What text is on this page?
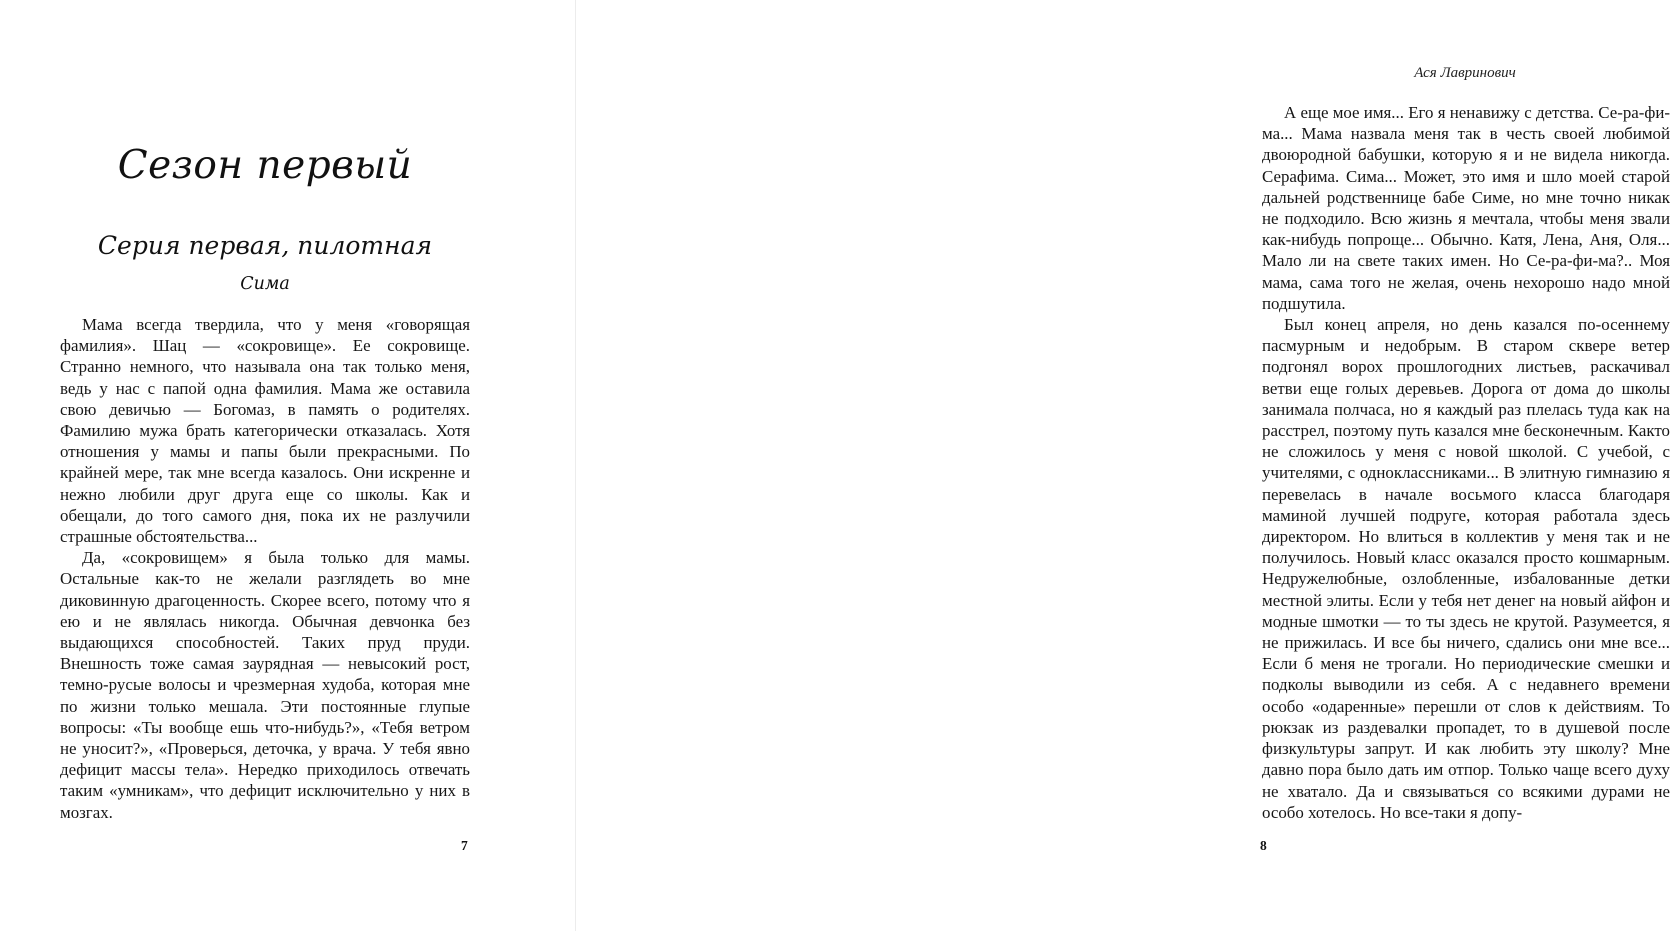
Сезон первый
Серия первая, пилотная
Сима

Мама всегда твердила, что у меня «говорящая фамилия». Шац — «сокровище». Ее сокровище. Странно немного, что называла она так только меня, ведь у нас с папой одна фамилия. Мама же оставила свою девичью — Богомаз, в память о родителях. Фамилию мужа брать категорически отказалась. Хотя отношения у мамы и папы были прекрасными. По крайней мере, так мне всегда казалось. Они искренне и нежно любили друг друга еще со школы. Как и обещали, до того самого дня, пока их не разлучили страшные обстоятельства...

Да, «сокровищем» я была только для мамы. Остальные как-то не желали разглядеть во мне диковинную драгоценность. Скорее всего, потому что я ею и не являлась никогда. Обычная девчонка без выдающихся способностей. Таких пруд пруди. Внешность тоже самая заурядная — невысокий рост, темно-русые волосы и чрезмерная худоба, которая мне по жизни только мешала. Эти постоянные глупые вопросы: «Ты вообще ешь что-нибудь?», «Тебя ветром не уносит?», «Проверься, деточка, у врача. У тебя явно дефицит массы тела». Нередко приходилось отвечать таким «умникам», что дефицит исключительно у них в мозгах.

7
Ася Лавринович

А еще мое имя... Его я ненавижу с детства. Се-ра-фи-ма... Мама назвала меня так в честь своей любимой двоюродной бабушки, которую я и не видела никогда. Серафима. Сима... Может, это имя и шло моей старой дальней родственнице бабе Симе, но мне точно никак не подходило. Всю жизнь я мечтала, чтобы меня звали как-нибудь попроще... Обычно. Катя, Лена, Аня, Оля... Мало ли на свете таких имен. Но Се-ра-фи-ма?.. Моя мама, сама того не желая, очень нехорошо надо мной подшутила.

Был конец апреля, но день казался по-осеннему пасмурным и недобрым. В старом сквере ветер подгонял ворох прошлогодних листьев, раскачивал ветви еще голых деревьев. Дорога от дома до школы занимала полчаса, но я каждый раз плелась туда как на расстрел, поэтому путь казался мне бесконечным. Както не сложилось у меня с новой школой. С учебой, с учителями, с одноклассниками... В элитную гимназию я перевелась в начале восьмого класса благодаря маминой лучшей подруге, которая работала здесь директором. Но влиться в коллектив у меня так и не получилось. Новый класс оказался просто кошмарным. Недружелюбные, озлобленные, избалованные детки местной элиты. Если у тебя нет денег на новый айфон и модные шмотки — то ты здесь не крутой. Разумеется, я не прижилась. И все бы ничего, сдались они мне все... Если б меня не трогали. Но периодические смешки и подколы выводили из себя. А с недавнего времени особо «одаренные» перешли от слов к действиям. То рюкзак из раздевалки пропадет, то в душевой после физкультуры запрут. И как любить эту школу? Мне давно пора было дать им отпор. Только чаще всего духу не хватало. Да и связываться со всякими дурами не особо хотелось. Но все-таки я допу-

8
